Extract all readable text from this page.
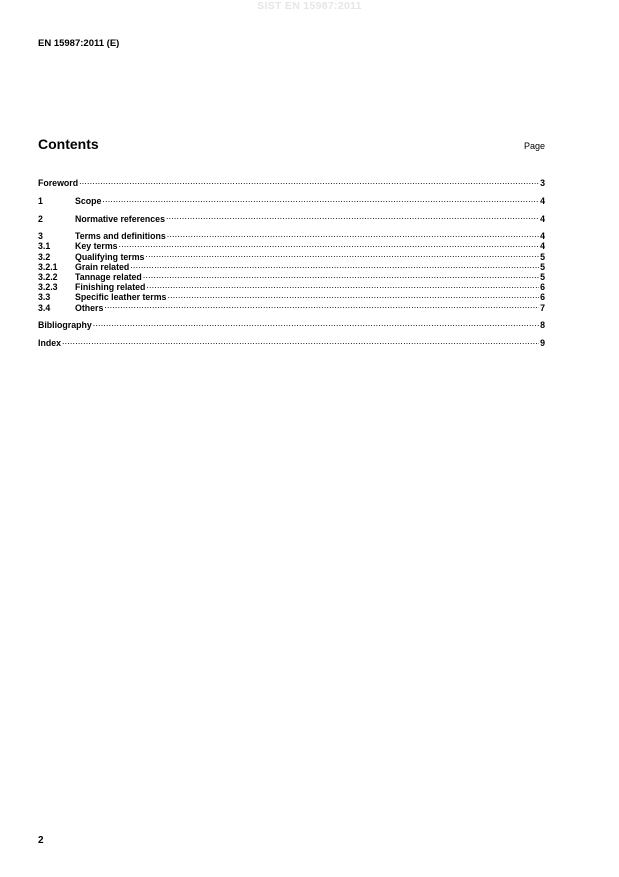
SIST EN 15987:2011
EN 15987:2011 (E)
Contents	Page
Foreword .....	3
1	Scope .....	4
2	Normative references .....	4
3	Terms and definitions .....	4
3.1	Key terms .....	4
3.2	Qualifying terms .....	5
3.2.1	Grain related .....	5
3.2.2	Tannage related .....	5
3.2.3	Finishing related .....	6
3.3	Specific leather terms .....	6
3.4	Others .....	7
Bibliography .....	8
Index .....	9
2
